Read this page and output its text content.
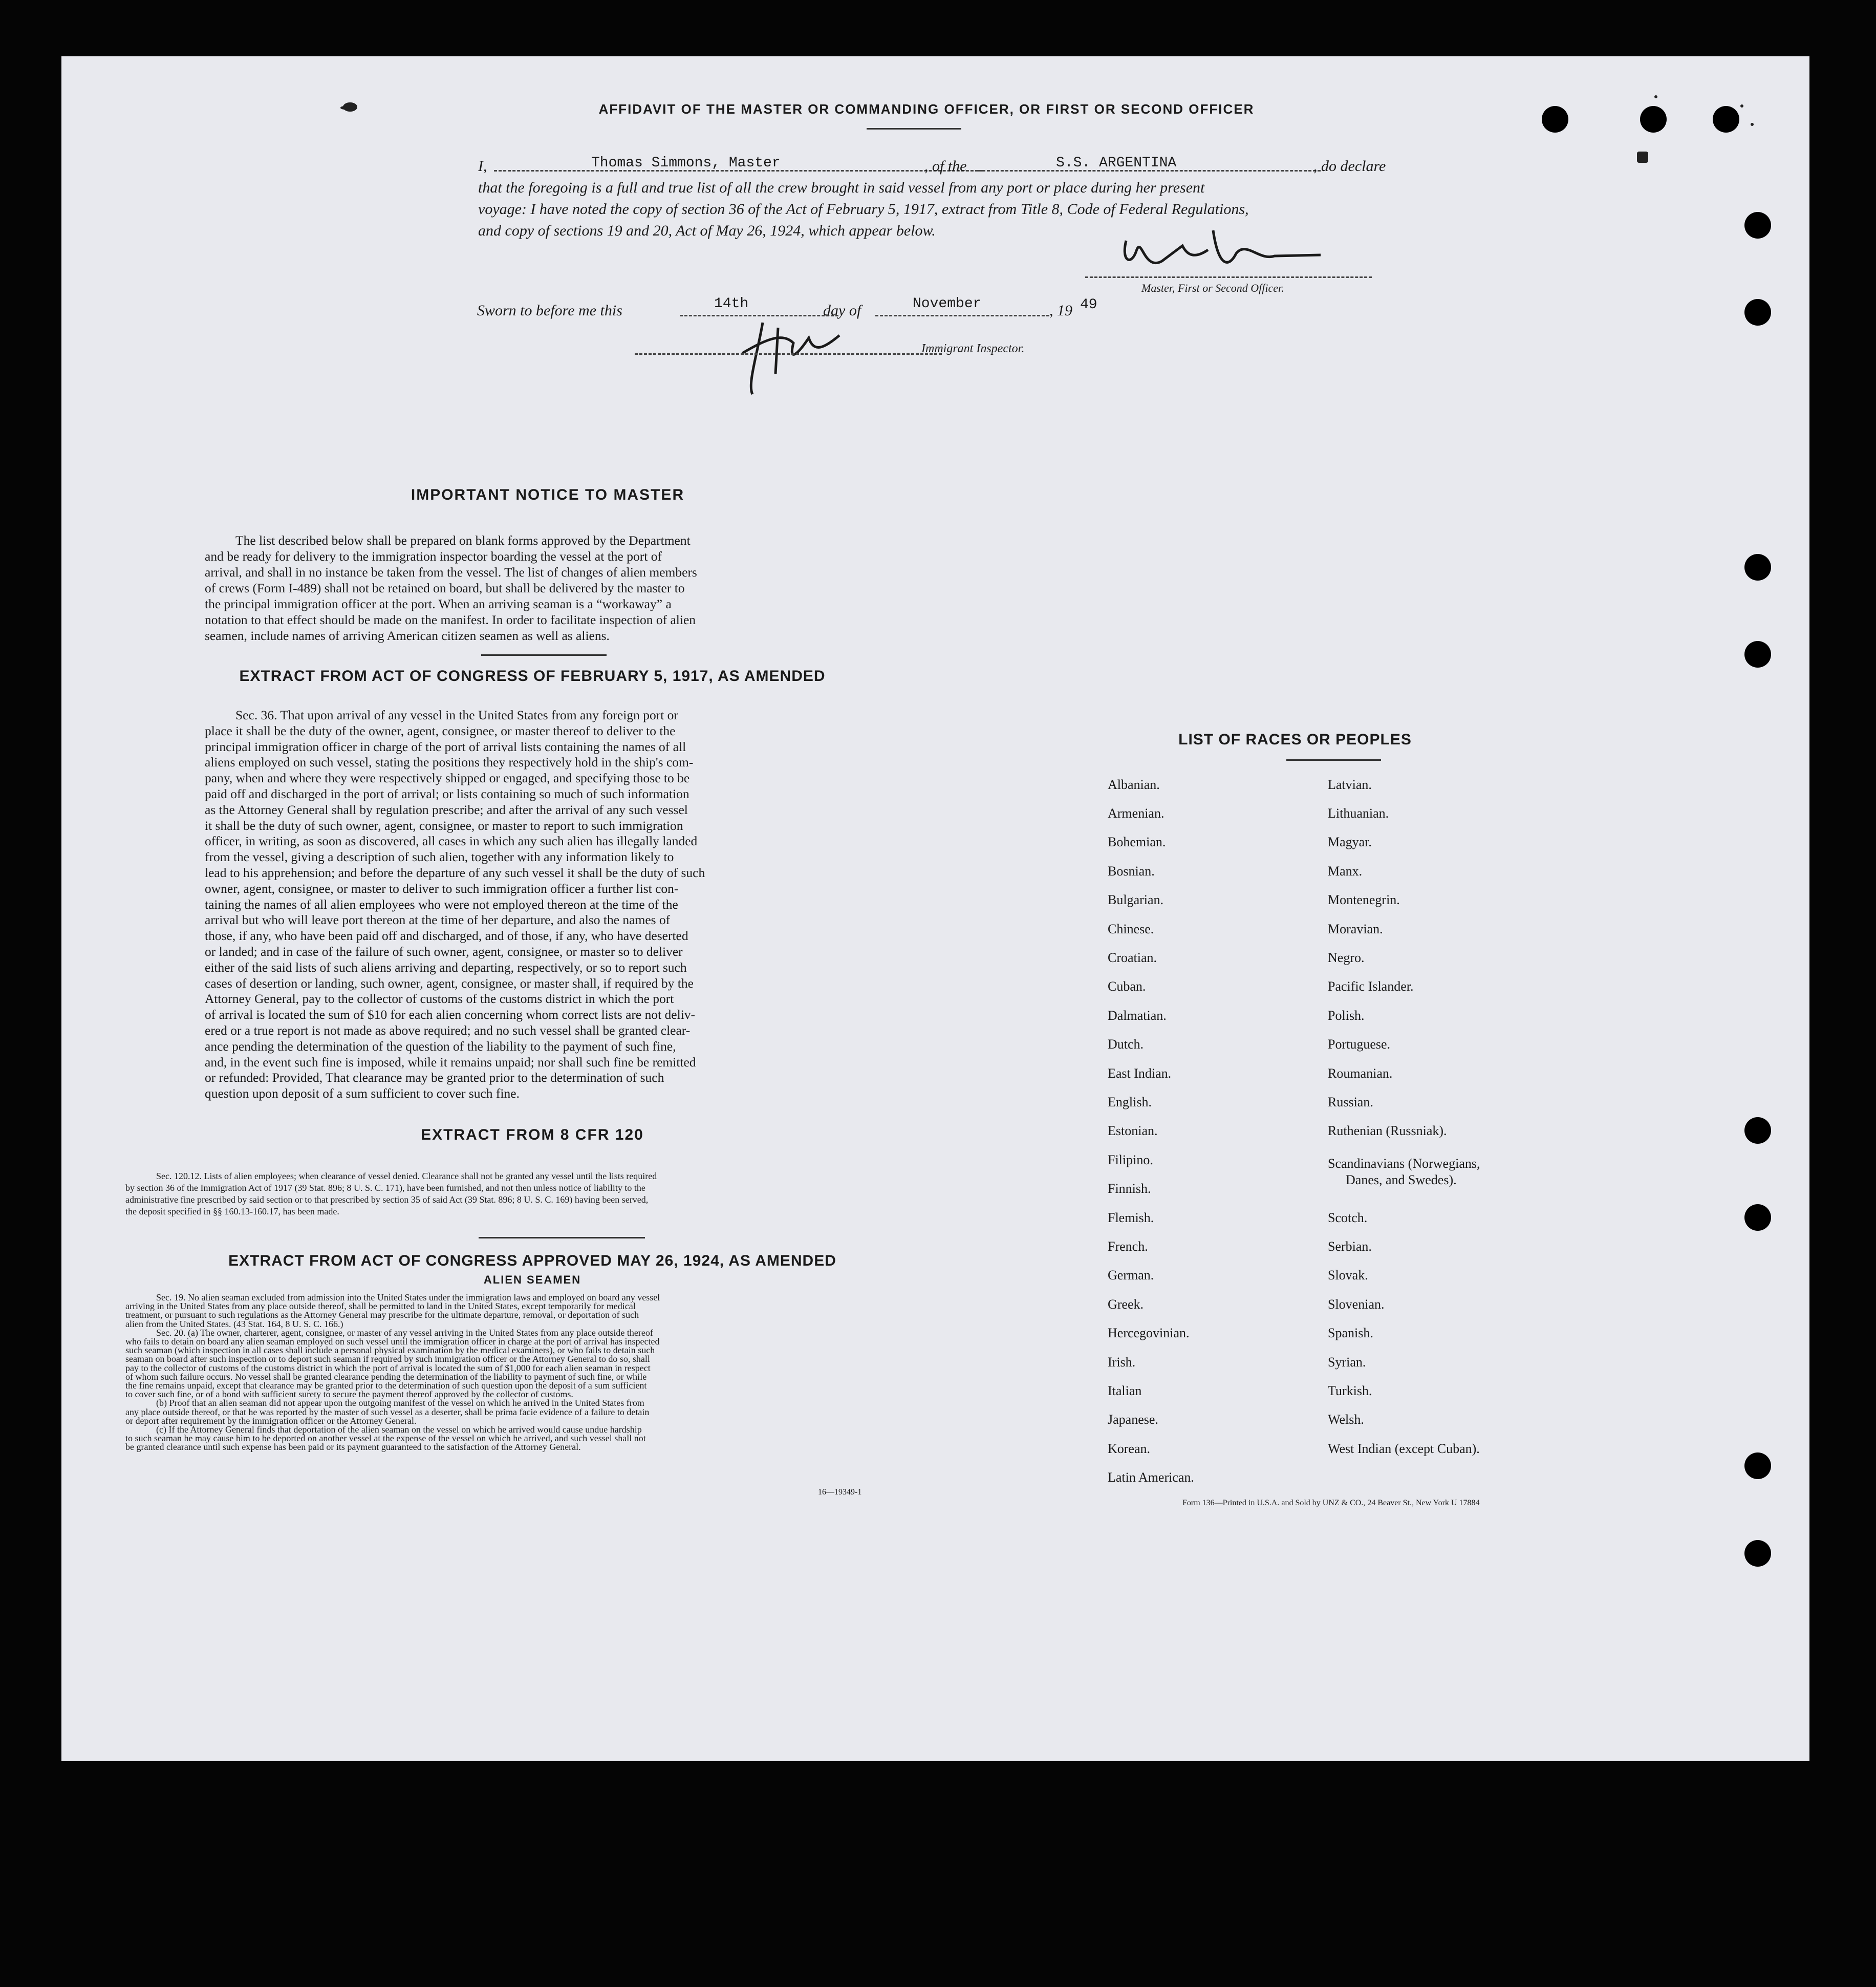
AFFIDAVIT OF THE MASTER OR COMMANDING OFFICER, OR FIRST OR SECOND OFFICER
I,	Thomas Simmons, Master	, of the	S.S. ARGENTINA	, do declare
that the foregoing is a full and true list of all the crew brought in said vessel from any port or place during her present
voyage: I have noted the copy of section 36 of the Act of February 5, 1917, extract from Title 8, Code of Federal Regulations,
and copy of sections 19 and 20, Act of May 26, 1924, which appear below.
Master, First or Second Officer.
Sworn to before me this	14th	day of	November	, 19 49
Immigrant Inspector.
IMPORTANT NOTICE TO MASTER
The list described below shall be prepared on blank forms approved by the Department
and be ready for delivery to the immigration inspector boarding the vessel at the port of
arrival, and shall in no instance be taken from the vessel. The list of changes of alien members
of crews (Form I-489) shall not be retained on board, but shall be delivered by the master to
the principal immigration officer at the port. When an arriving seaman is a “workaway” a
notation to that effect should be made on the manifest. In order to facilitate inspection of alien
seamen, include names of arriving American citizen seamen as well as aliens.
EXTRACT FROM ACT OF CONGRESS OF FEBRUARY 5, 1917, AS AMENDED
Sec. 36. That upon arrival of any vessel in the United States from any foreign port or
place it shall be the duty of the owner, agent, consignee, or master thereof to deliver to the
principal immigration officer in charge of the port of arrival lists containing the names of all
aliens employed on such vessel, stating the positions they respectively hold in the ship's com-
pany, when and where they were respectively shipped or engaged, and specifying those to be
paid off and discharged in the port of arrival; or lists containing so much of such information
as the Attorney General shall by regulation prescribe; and after the arrival of any such vessel
it shall be the duty of such owner, agent, consignee, or master to report to such immigration
officer, in writing, as soon as discovered, all cases in which any such alien has illegally landed
from the vessel, giving a description of such alien, together with any information likely to
lead to his apprehension; and before the departure of any such vessel it shall be the duty of such
owner, agent, consignee, or master to deliver to such immigration officer a further list con-
taining the names of all alien employees who were not employed thereon at the time of the
arrival but who will leave port thereon at the time of her departure, and also the names of
those, if any, who have been paid off and discharged, and of those, if any, who have deserted
or landed; and in case of the failure of such owner, agent, consignee, or master so to deliver
either of the said lists of such aliens arriving and departing, respectively, or so to report such
cases of desertion or landing, such owner, agent, consignee, or master shall, if required by the
Attorney General, pay to the collector of customs of the customs district in which the port
of arrival is located the sum of $10 for each alien concerning whom correct lists are not deliv-
ered or a true report is not made as above required; and no such vessel shall be granted clear-
ance pending the determination of the question of the liability to the payment of such fine,
and, in the event such fine is imposed, while it remains unpaid; nor shall such fine be remitted
or refunded: Provided, That clearance may be granted prior to the determination of such
question upon deposit of a sum sufficient to cover such fine.
EXTRACT FROM 8 CFR 120
Sec. 120.12. Lists of alien employees; when clearance of vessel denied. Clearance shall not be granted any vessel until the lists required
by section 36 of the Immigration Act of 1917 (39 Stat. 896; 8 U. S. C. 171), have been furnished, and not then unless notice of liability to the
administrative fine prescribed by said section or to that prescribed by section 35 of said Act (39 Stat. 896; 8 U. S. C. 169) having been served,
the deposit specified in §§ 160.13-160.17, has been made.
EXTRACT FROM ACT OF CONGRESS APPROVED MAY 26, 1924, AS AMENDED
ALIEN SEAMEN
Sec. 19. No alien seaman excluded from admission into the United States under the immigration laws and employed on board any vessel
arriving in the United States from any place outside thereof, shall be permitted to land in the United States, except temporarily for medical
treatment, or pursuant to such regulations as the Attorney General may prescribe for the ultimate departure, removal, or deportation of such
alien from the United States. (43 Stat. 164, 8 U. S. C. 166.)
Sec. 20. (a) The owner, charterer, agent, consignee, or master of any vessel arriving in the United States from any place outside thereof
who fails to detain on board any alien seaman employed on such vessel until the immigration officer in charge at the port of arrival has inspected
such seaman (which inspection in all cases shall include a personal physical examination by the medical examiners), or who fails to detain such
seaman on board after such inspection or to deport such seaman if required by such immigration officer or the Attorney General to do so, shall
pay to the collector of customs of the customs district in which the port of arrival is located the sum of $1,000 for each alien seaman in respect
of whom such failure occurs. No vessel shall be granted clearance pending the determination of the liability to payment of such fine, or while
the fine remains unpaid, except that clearance may be granted prior to the determination of such question upon the deposit of a sum sufficient
to cover such fine, or of a bond with sufficient surety to secure the payment thereof approved by the collector of customs.
(b) Proof that an alien seaman did not appear upon the outgoing manifest of the vessel on which he arrived in the United States from
any place outside thereof, or that he was reported by the master of such vessel as a deserter, shall be prima facie evidence of a failure to detain
or deport after requirement by the immigration officer or the Attorney General.
(c) If the Attorney General finds that deportation of the alien seaman on the vessel on which he arrived would cause undue hardship
to such seaman he may cause him to be deported on another vessel at the expense of the vessel on which he arrived, and such vessel shall not
be granted clearance until such expense has been paid or its payment guaranteed to the satisfaction of the Attorney General.
16—19349-1
LIST OF RACES OR PEOPLES
Albanian.
Armenian.
Bohemian.
Bosnian.
Bulgarian.
Chinese.
Croatian.
Cuban.
Dalmatian.
Dutch.
East Indian.
English.
Estonian.
Filipino.
Finnish.
Flemish.
French.
German.
Greek.
Hercegovinian.
Irish.
Italian
Japanese.
Korean.
Latin American.
Latvian.
Lithuanian.
Magyar.
Manx.
Montenegrin.
Moravian.
Negro.
Pacific Islander.
Polish.
Portuguese.
Roumanian.
Russian.
Ruthenian (Russniak).
Scandinavians (Norwegians,
Danes, and Swedes).
Scotch.
Serbian.
Slovak.
Slovenian.
Spanish.
Syrian.
Turkish.
Welsh.
West Indian (except Cuban).
Form 136—Printed in U.S.A. and Sold by UNZ & CO., 24 Beaver St., New York U 17884
